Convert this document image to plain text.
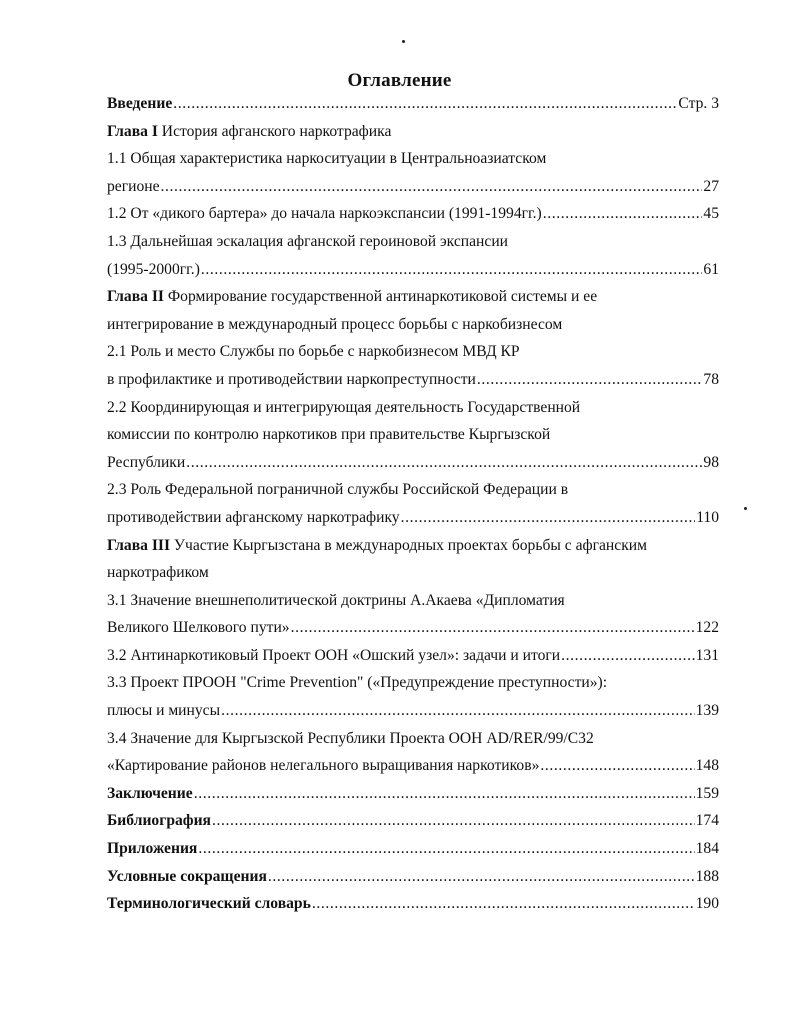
Оглавление
Введение .....	Стр. 3
Глава I История афганского наркотрафика
1.1 Общая характеристика наркоситуации в Центральноазиатском
регионе .....	27
1.2 От «дикого бартера» до начала наркоэкспансии (1991-1994гг.) .....	45
1.3 Дальнейшая эскалация афганской героиновой экспансии
(1995-2000гг.) .....	61
Глава II Формирование государственной антинаркотиковой системы и ее
интегрирование в международный процесс борьбы с наркобизнесом
2.1 Роль и место Службы по борьбе с наркобизнесом МВД КР
в профилактике и противодействии наркопреступности .....	78
2.2 Координирующая и интегрирующая деятельность Государственной
комиссии по контролю наркотиков при правительстве Кыргызской
Республики .....	98
2.3 Роль Федеральной пограничной службы Российской Федерации в
противодействии афганскому наркотрафику .....	110
Глава III Участие Кыргызстана в международных проектах борьбы с афганским
наркотрафиком
3.1 Значение внешнеполитической доктрины А.Акаева «Дипломатия
Великого Шелкового пути» .....	122
3.2 Антинаркотиковый Проект ООН «Ошский узел»: задачи и итоги .....	131
3.3 Проект ПРООН "Crime Prevention" («Предупреждение преступности»):
плюсы и минусы .....	139
3.4 Значение для Кыргызской Республики Проекта ООН AD/RER/99/C32
«Картирование районов нелегального выращивания наркотиков» .....	148
Заключение .....	159
Библиография .....	174
Приложения .....	184
Условные сокращения .....	188
Терминологический словарь .....	190
